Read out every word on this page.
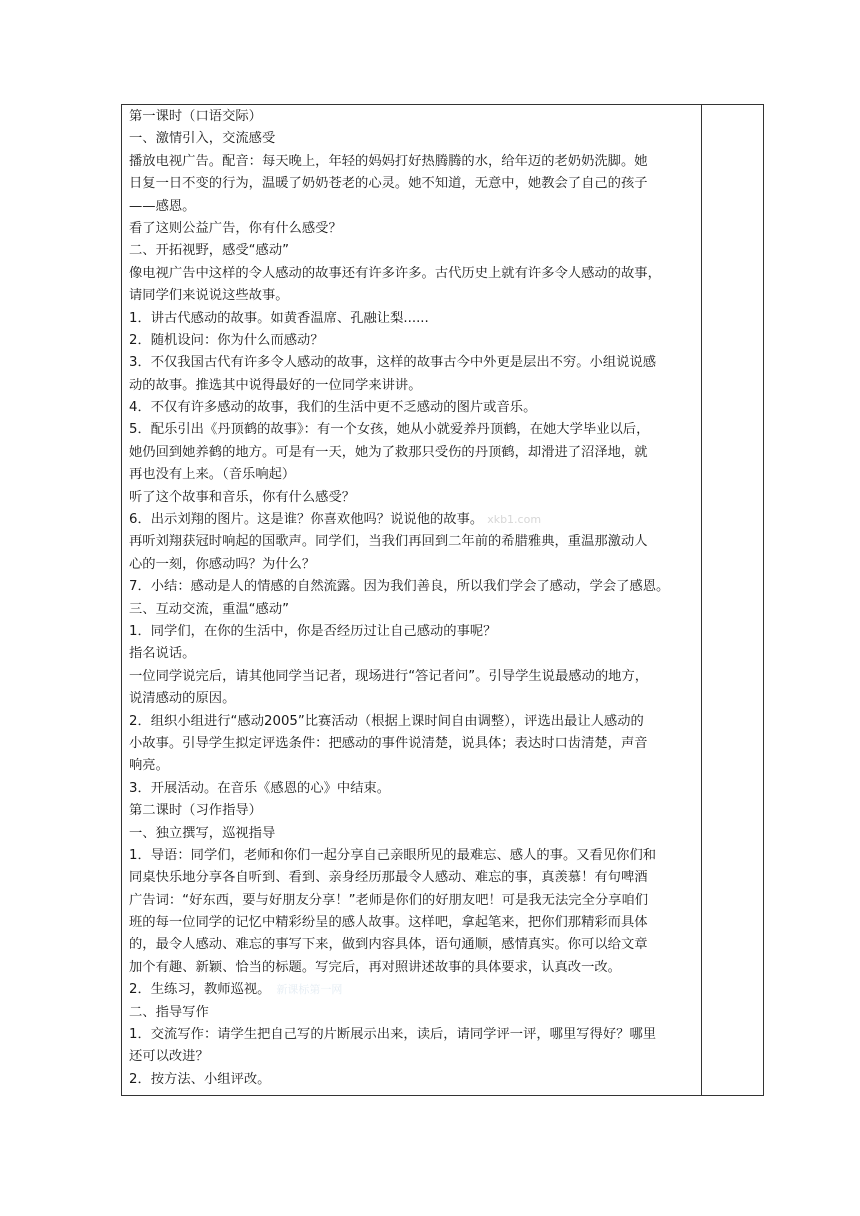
第一课时（口语交际）
一、激情引入，交流感受
播放电视广告。配音：每天晚上，年轻的妈妈打好热腾腾的水，给年迈的老奶奶洗脚。她
日复一日不变的行为，温暖了奶奶苍老的心灵。她不知道，无意中，她教会了自己的孩子
——感恩。
看了这则公益广告，你有什么感受？
二、开拓视野，感受“感动”
像电视广告中这样的令人感动的故事还有许多许多。古代历史上就有许多令人感动的故事，
请同学们来说说这些故事。
1．讲古代感动的故事。如黄香温席、孔融让梨......
2．随机设问：你为什么而感动？
3．不仅我国古代有许多令人感动的故事，这样的故事古今中外更是层出不穷。小组说说感
动的故事。推选其中说得最好的一位同学来讲讲。
4．不仅有许多感动的故事，我们的生活中更不乏感动的图片或音乐。
5．配乐引出《丹顶鹤的故事》：有一个女孩，她从小就爱养丹顶鹤，在她大学毕业以后，
她仍回到她养鹤的地方。可是有一天，她为了救那只受伤的丹顶鹤，却滑进了沼泽地，就
再也没有上来。（音乐响起）
听了这个故事和音乐，你有什么感受？
6．出示刘翔的图片。这是谁？你喜欢他吗？说说他的故事。 xkb1.com
再听刘翔获冠时响起的国歌声。同学们，当我们再回到二年前的希腊雅典，重温那激动人
心的一刻，你感动吗？为什么？
7．小结：感动是人的情感的自然流露。因为我们善良，所以我们学会了感动，学会了感恩。
三、互动交流，重温“感动”
1．同学们，在你的生活中，你是否经历过让自己感动的事呢？
指名说话。
一位同学说完后，请其他同学当记者，现场进行“答记者问”。引导学生说最感动的地方，
说清感动的原因。
2．组织小组进行“感动2005”比赛活动（根据上课时间自由调整），评选出最让人感动的
小故事。引导学生拟定评选条件：把感动的事件说清楚，说具体；表达时口齿清楚，声音
响亮。
3．开展活动。在音乐《感恩的心》中结束。
第二课时（习作指导）
一、独立撰写，巡视指导
1．导语：同学们，老师和你们一起分享自己亲眼所见的最难忘、感人的事。又看见你们和
同桌快乐地分享各自听到、看到、亲身经历那最令人感动、难忘的事，真羡慕！有句啤酒
广告词：“好东西，要与好朋友分享！”老师是你们的好朋友吧！可是我无法完全分享咱们
班的每一位同学的记忆中精彩纷呈的感人故事。这样吧，拿起笔来，把你们那精彩而具体
的，最令人感动、难忘的事写下来，做到内容具体，语句通顺，感情真实。你可以给文章
加个有趣、新颖、恰当的标题。写完后，再对照讲述故事的具体要求，认真改一改。
2．生练习，教师巡视。 新课标第一网
二、指导写作
1．交流写作：请学生把自己写的片断展示出来，读后，请同学评一评，哪里写得好？哪里
还可以改进？
2．按方法、小组评改。
